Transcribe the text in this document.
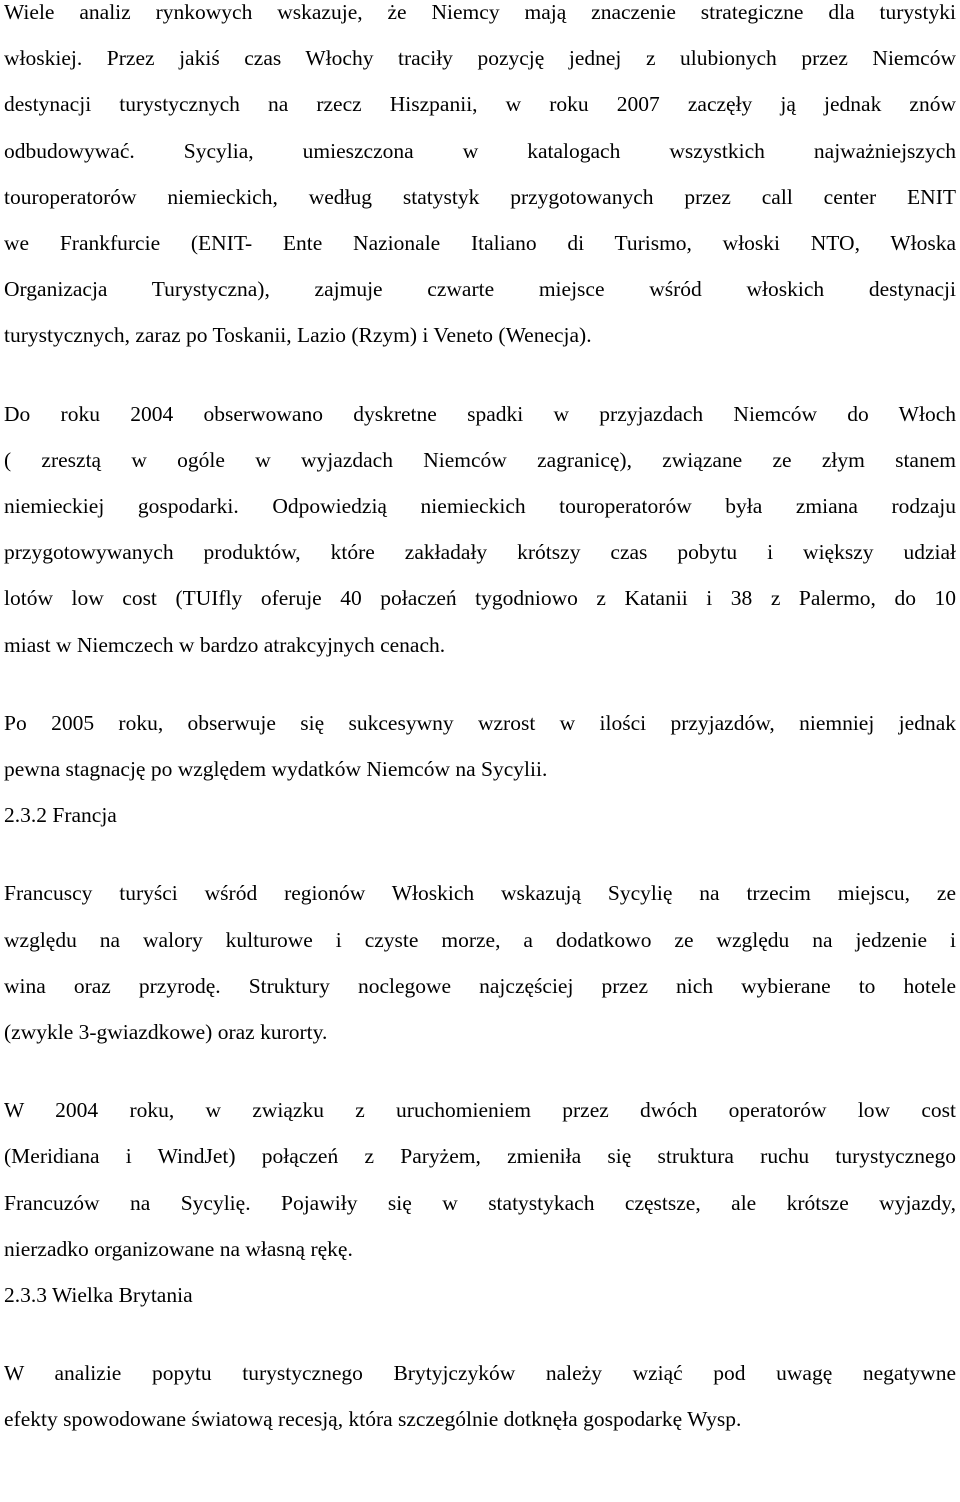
Wiele analiz rynkowych wskazuje, że Niemcy mają znaczenie strategiczne dla turystyki
włoskiej. Przez jakiś czas Włochy traciły pozycję jednej z ulubionych przez Niemców
destynacji turystycznych na rzecz Hiszpanii, w roku 2007 zaczęły ją jednak znów
odbudowywać. Sycylia, umieszczona w katalogach wszystkich najważniejszych
touroperatorów niemieckich, według statystyk przygotowanych przez call center ENIT
we Frankfurcie (ENIT- Ente Nazionale Italiano di Turismo, włoski NTO, Włoska
Organizacja Turystyczna), zajmuje czwarte miejsce wśród włoskich destynacji
turystycznych, zaraz po Toskanii, Lazio (Rzym) i Veneto (Wenecja).

Do roku 2004 obserwowano dyskretne spadki w przyjazdach Niemców do Włoch
( zresztą w ogóle w wyjazdach Niemców zagranicę), związane ze złym stanem
niemieckiej gospodarki. Odpowiedzią niemieckich touroperatorów była zmiana rodzaju
przygotowywanych produktów, które zakładały krótszy czas pobytu i większy udział
lotów low cost (TUIfly oferuje 40 połaczeń tygodniowo z Katanii i 38 z Palermo, do 10
miast w Niemczech w bardzo atrakcyjnych cenach.

Po 2005 roku, obserwuje się sukcesywny wzrost w ilości przyjazdów, niemniej jednak
pewna stagnację po względem wydatków Niemców na Sycylii.

2.3.2 Francja

Francuscy turyści wśród regionów Włoskich wskazują Sycylię na trzecim miejscu, ze
względu na walory kulturowe i czyste morze, a dodatkowo ze względu na jedzenie i
wina oraz przyrodę. Struktury noclegowe najczęściej przez nich wybierane to hotele
(zwykle 3-gwiazdkowe) oraz kurorty.

W 2004 roku, w związku z uruchomieniem przez dwóch operatorów low cost
(Meridiana i WindJet) połączeń z Paryżem, zmieniła się struktura ruchu turystycznego
Francuzów na Sycylię. Pojawiły się w statystykach częstsze, ale krótsze wyjazdy,
nierzadko organizowane na własną rękę.

2.3.3 Wielka Brytania

W analizie popytu turystycznego Brytyjczyków należy wziąć pod uwagę negatywne
efekty spowodowane światową recesją, która szczególnie dotknęła gospodarkę Wysp.
